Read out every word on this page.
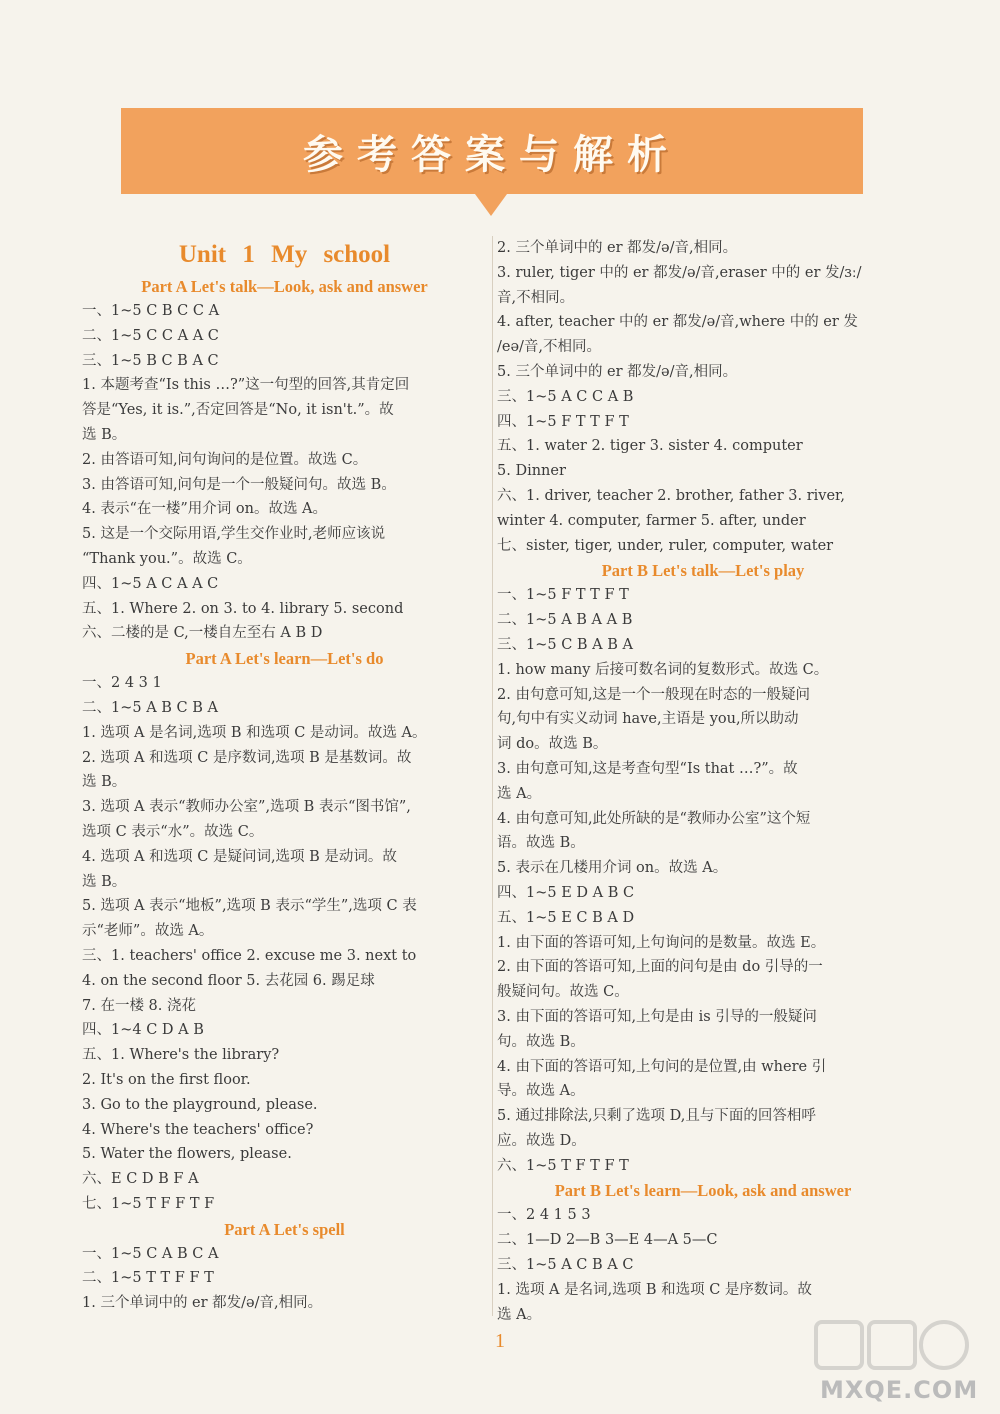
参考答案与解析
Unit 1 My school
Part A Let's talk—Look, ask and answer
一、1~5 C B C C A
二、1~5 C C A A C
三、1~5 B C B A C
1. 本题考查“Is this …?”这一句型的回答,其肯定回
答是“Yes, it is.”,否定回答是“No, it isn't.”。故
选 B。
2. 由答语可知,问句询问的是位置。故选 C。
3. 由答语可知,问句是一个一般疑问句。故选 B。
4. 表示“在一楼”用介词 on。故选 A。
5. 这是一个交际用语,学生交作业时,老师应该说
“Thank you.”。故选 C。
四、1~5 A C A A C
五、1. Where 2. on 3. to 4. library 5. second
六、二楼的是 C,一楼自左至右 A B D
Part A Let's learn—Let's do
一、2 4 3 1
二、1~5 A B C B A
1. 选项 A 是名词,选项 B 和选项 C 是动词。故选 A。
2. 选项 A 和选项 C 是序数词,选项 B 是基数词。故
选 B。
3. 选项 A 表示“教师办公室”,选项 B 表示“图书馆”,
选项 C 表示“水”。故选 C。
4. 选项 A 和选项 C 是疑问词,选项 B 是动词。故
选 B。
5. 选项 A 表示“地板”,选项 B 表示“学生”,选项 C 表
示“老师”。故选 A。
三、1. teachers' office 2. excuse me 3. next to
4. on the second floor 5. 去花园 6. 踢足球
7. 在一楼 8. 浇花
四、1~4 C D A B
五、1. Where's the library?
2. It's on the first floor.
3. Go to the playground, please.
4. Where's the teachers' office?
5. Water the flowers, please.
六、E C D B F A
七、1~5 T F F T F
Part A Let's spell
一、1~5 C A B C A
二、1~5 T T F F T
1. 三个单词中的 er 都发/ə/音,相同。
2. 三个单词中的 er 都发/ə/音,相同。
3. ruler, tiger 中的 er 都发/ə/音,eraser 中的 er 发/ɜː/
音,不相同。
4. after, teacher 中的 er 都发/ə/音,where 中的 er 发
/eə/音,不相同。
5. 三个单词中的 er 都发/ə/音,相同。
三、1~5 A C C A B
四、1~5 F T T F T
五、1. water 2. tiger 3. sister 4. computer
5. Dinner
六、1. driver, teacher 2. brother, father 3. river,
winter 4. computer, farmer 5. after, under
七、sister, tiger, under, ruler, computer, water
Part B Let's talk—Let's play
一、1~5 F T T F T
二、1~5 A B A A B
三、1~5 C B A B A
1. how many 后接可数名词的复数形式。故选 C。
2. 由句意可知,这是一个一般现在时态的一般疑问
句,句中有实义动词 have,主语是 you,所以助动
词 do。故选 B。
3. 由句意可知,这是考查句型“Is that …?”。故
选 A。
4. 由句意可知,此处所缺的是“教师办公室”这个短
语。故选 B。
5. 表示在几楼用介词 on。故选 A。
四、1~5 E D A B C
五、1~5 E C B A D
1. 由下面的答语可知,上句询问的是数量。故选 E。
2. 由下面的答语可知,上面的问句是由 do 引导的一
般疑问句。故选 C。
3. 由下面的答语可知,上句是由 is 引导的一般疑问
句。故选 B。
4. 由下面的答语可知,上句问的是位置,由 where 引
导。故选 A。
5. 通过排除法,只剩了选项 D,且与下面的回答相呼
应。故选 D。
六、1~5 T F T F T
Part B Let's learn—Look, ask and answer
一、2 4 1 5 3
二、1—D 2—B 3—E 4—A 5—C
三、1~5 A C B A C
1. 选项 A 是名词,选项 B 和选项 C 是序数词。故
选 A。
1
MXQE.COM
